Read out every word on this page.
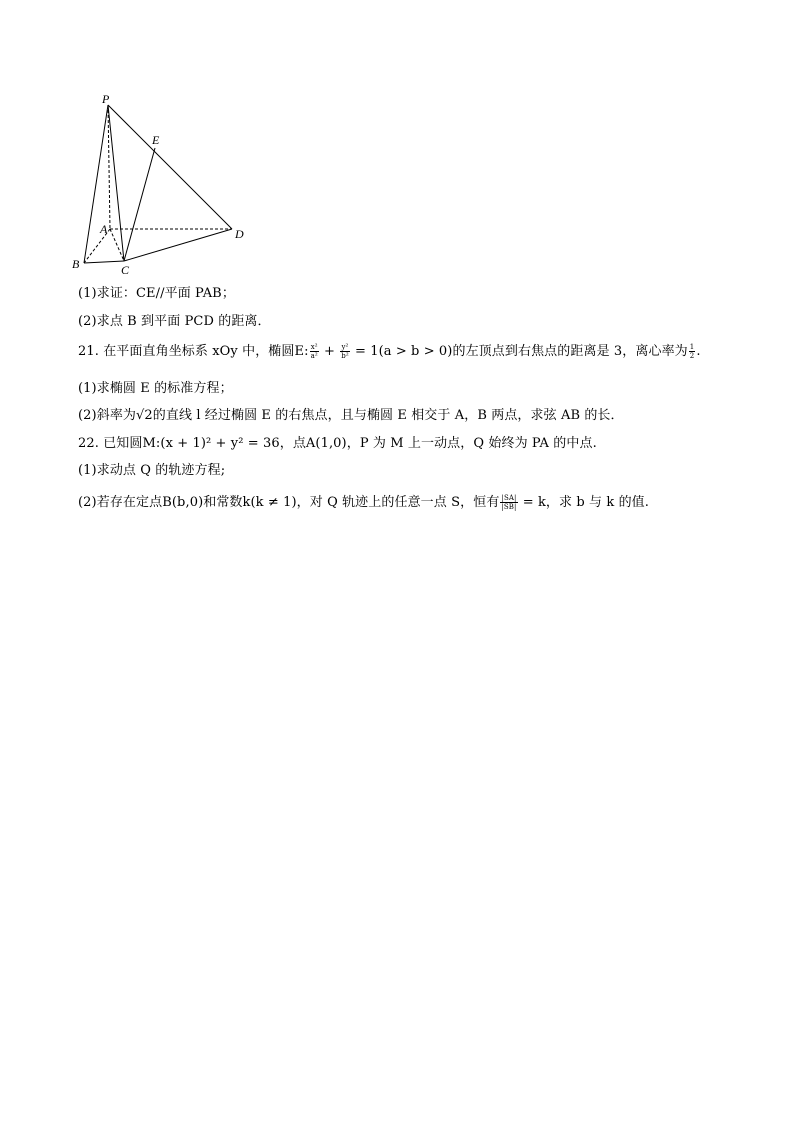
P
E
A	D
B	C
(1)求证：CE//平面 PAB；
(2)求点 B 到平面 PCD 的距离．
21. 在平面直角坐标系 xOy 中，椭圆E: $\frac{\text{x²}}{\text{a²}} + \frac{\text{y²}}{\text{b²}} = 1(a > b > 0)$的左顶点到右焦点的距离是 3，离心率为 $\frac{1}{2}$ .
(1)求椭圆 E 的标准方程；
(2)斜率为√2的直线 l 经过椭圆 E 的右焦点，且与椭圆 E 相交于 A，B 两点，求弦 AB 的长．
22. 已知圆M:(x + 1)² + y² = 36，点A(1,0)，P 为 M 上一动点，Q 始终为 PA 的中点.
(1)求动点 Q 的轨迹方程;
(2)若存在定点B(b,0)和常数k(k ≠ 1)，对 Q 轨迹上的任意一点 S，恒有 $\frac{|SA|}{|SB|} = k$，求 b 与 k 的值.
